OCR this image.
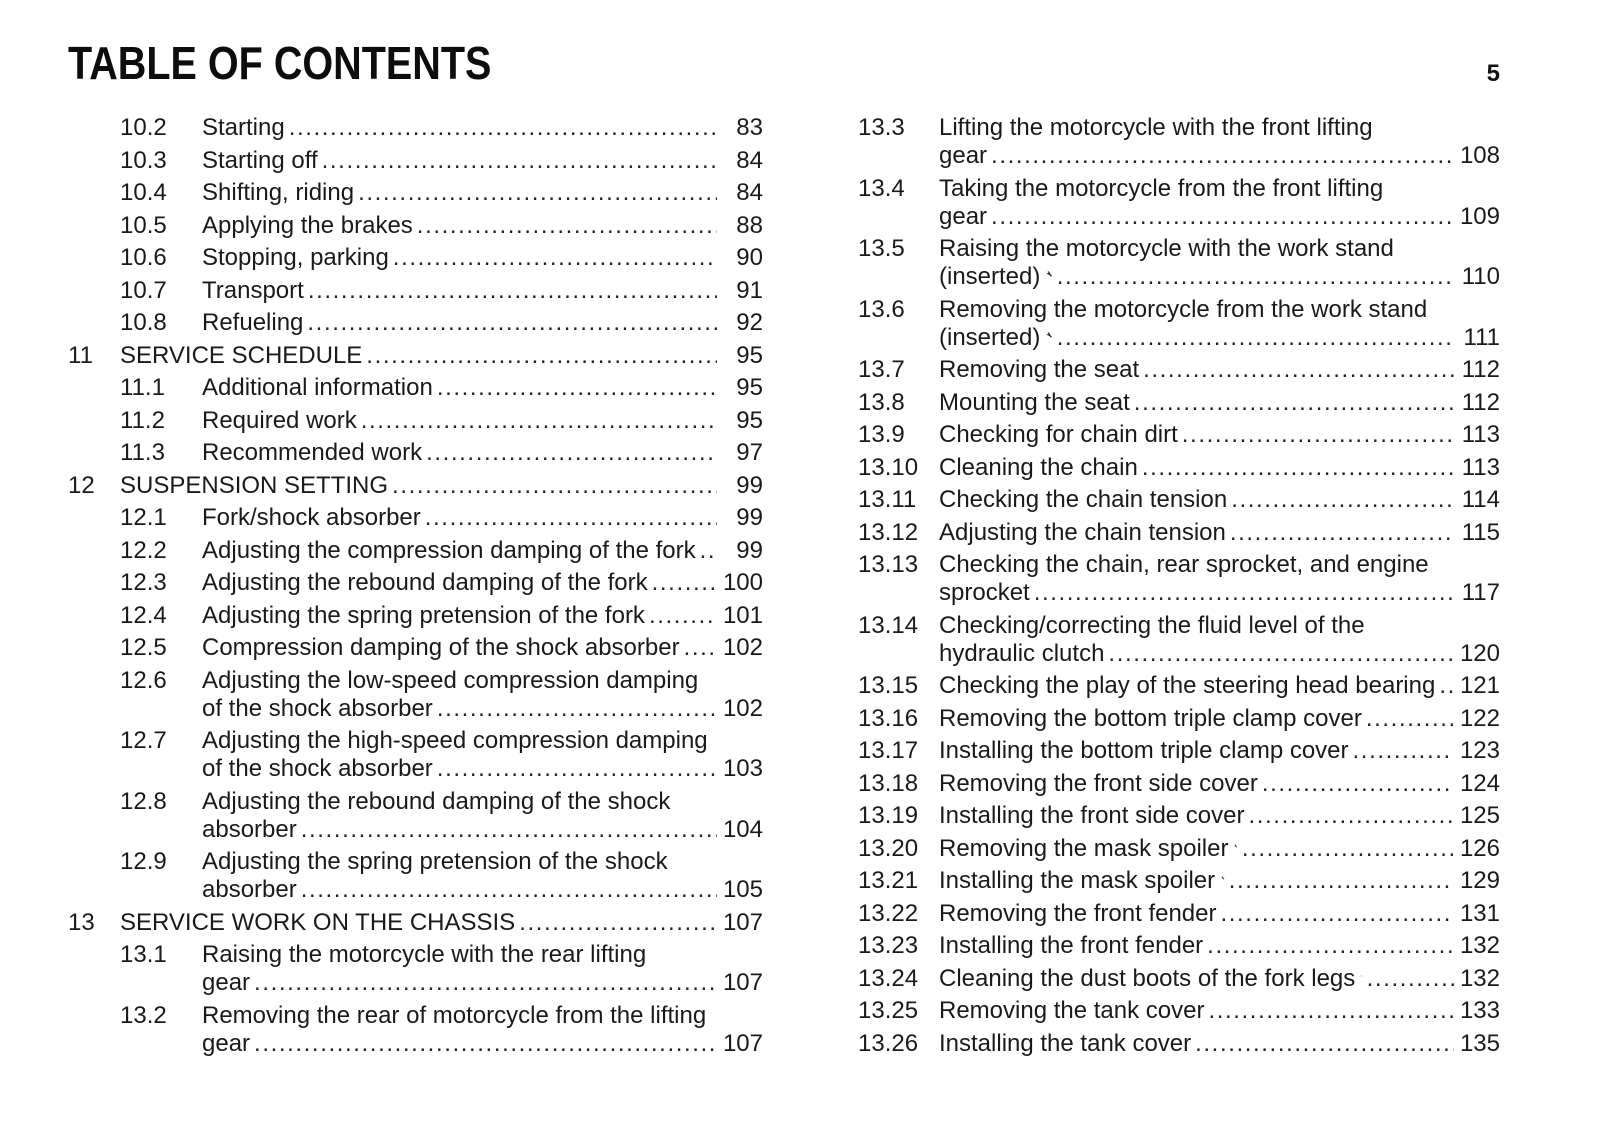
TABLE OF CONTENTS	5
10.2	Starting .....	83
10.3	Starting off .....	84
10.4	Shifting, riding .....	84
10.5	Applying the brakes .....	88
10.6	Stopping, parking .....	90
10.7	Transport .....	91
10.8	Refueling .....	92
11	SERVICE SCHEDULE .....	95
11.1	Additional information .....	95
11.2	Required work .....	95
11.3	Recommended work .....	97
12	SUSPENSION SETTING .....	99
12.1	Fork/shock absorber .....	99
12.2	Adjusting the compression damping of the fork .....	99
12.3	Adjusting the rebound damping of the fork .....	100
12.4	Adjusting the spring pretension of the fork .....	101
12.5	Compression damping of the shock absorber ..... 102
12.6	Adjusting the low-speed compression damping
of the shock absorber .....	102
12.7	Adjusting the high-speed compression damping
of the shock absorber .....	103
12.8	Adjusting the rebound damping of the shock
absorber .....	104
12.9	Adjusting the spring pretension of the shock
absorber .....	105
13	SERVICE WORK ON THE CHASSIS .....	107
13.1	Raising the motorcycle with the rear lifting
gear .....	107
13.2	Removing the rear of motorcycle from the lifting
gear .....	107
13.3	Lifting the motorcycle with the front lifting
gear .....	108
13.4	Taking the motorcycle from the front lifting
gear .....	109
13.5	Raising the motorcycle with the work stand
(inserted) .....	110
13.6	Removing the motorcycle from the work stand
(inserted) .....	111
13.7	Removing the seat .....	112
13.8	Mounting the seat .....	112
13.9	Checking for chain dirt .....	113
13.10 Cleaning the chain .....	113
13.11 Checking the chain tension .....	114
13.12 Adjusting the chain tension .....	115
13.13 Checking the chain, rear sprocket, and engine
sprocket .....	117
13.14 Checking/correcting the fluid level of the
hydraulic clutch .....	120
13.15 Checking the play of the steering head bearing ..... 121
13.16 Removing the bottom triple clamp cover .....	122
13.17 Installing the bottom triple clamp cover .....	123
13.18 Removing the front side cover .....	124
13.19 Installing the front side cover .....	125
13.20 Removing the mask spoiler .....	126
13.21 Installing the mask spoiler .....	129
13.22 Removing the front fender .....	131
13.23 Installing the front fender .....	132
13.24 Cleaning the dust boots of the fork legs .....	132
13.25 Removing the tank cover .....	133
13.26 Installing the tank cover .....	135
